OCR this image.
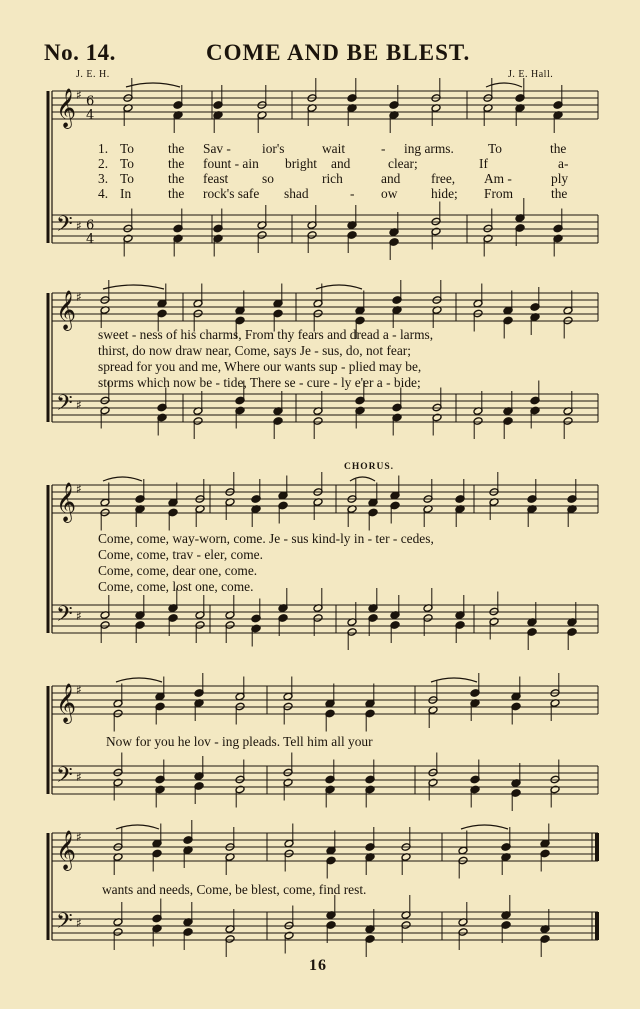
No. 14.	COME AND BE BLEST.
J. E. H.	J. E. Hall.
𝄞
𝄢
♯
♯
6
4
6
4
𝄞
𝄢
♯
♯
𝄞
𝄢
♯
♯
𝄞
𝄢
♯
♯
𝄞
𝄢
♯
♯
1. To	the Sav - ior's	wait	- ing arms.	To	the
2. To	the fount - ain bright and	clear;	If	a-
3. To	the feast	so	rich	and free, Am -	ply
4. In	the rock's safe shad	- ow	hide; From	the
sweet - ness of his charms, From thy fears and dread a - larms,
thirst, do now draw near, Come, says Je - sus, do, not fear;
spread for you and me, Where our wants sup - plied may be,
storms which now be - tide, There se - cure - ly e'er a - bide;
CHORUS.
Come, come, way-worn, come. Je - sus kind-ly in - ter - cedes,
Come, come, trav - eler, come.
Come, come, dear one, come.
Come, come, lost one, come.
Now for you he lov - ing pleads. Tell him all your
wants and needs, Come, be blest, come, find rest.
16
